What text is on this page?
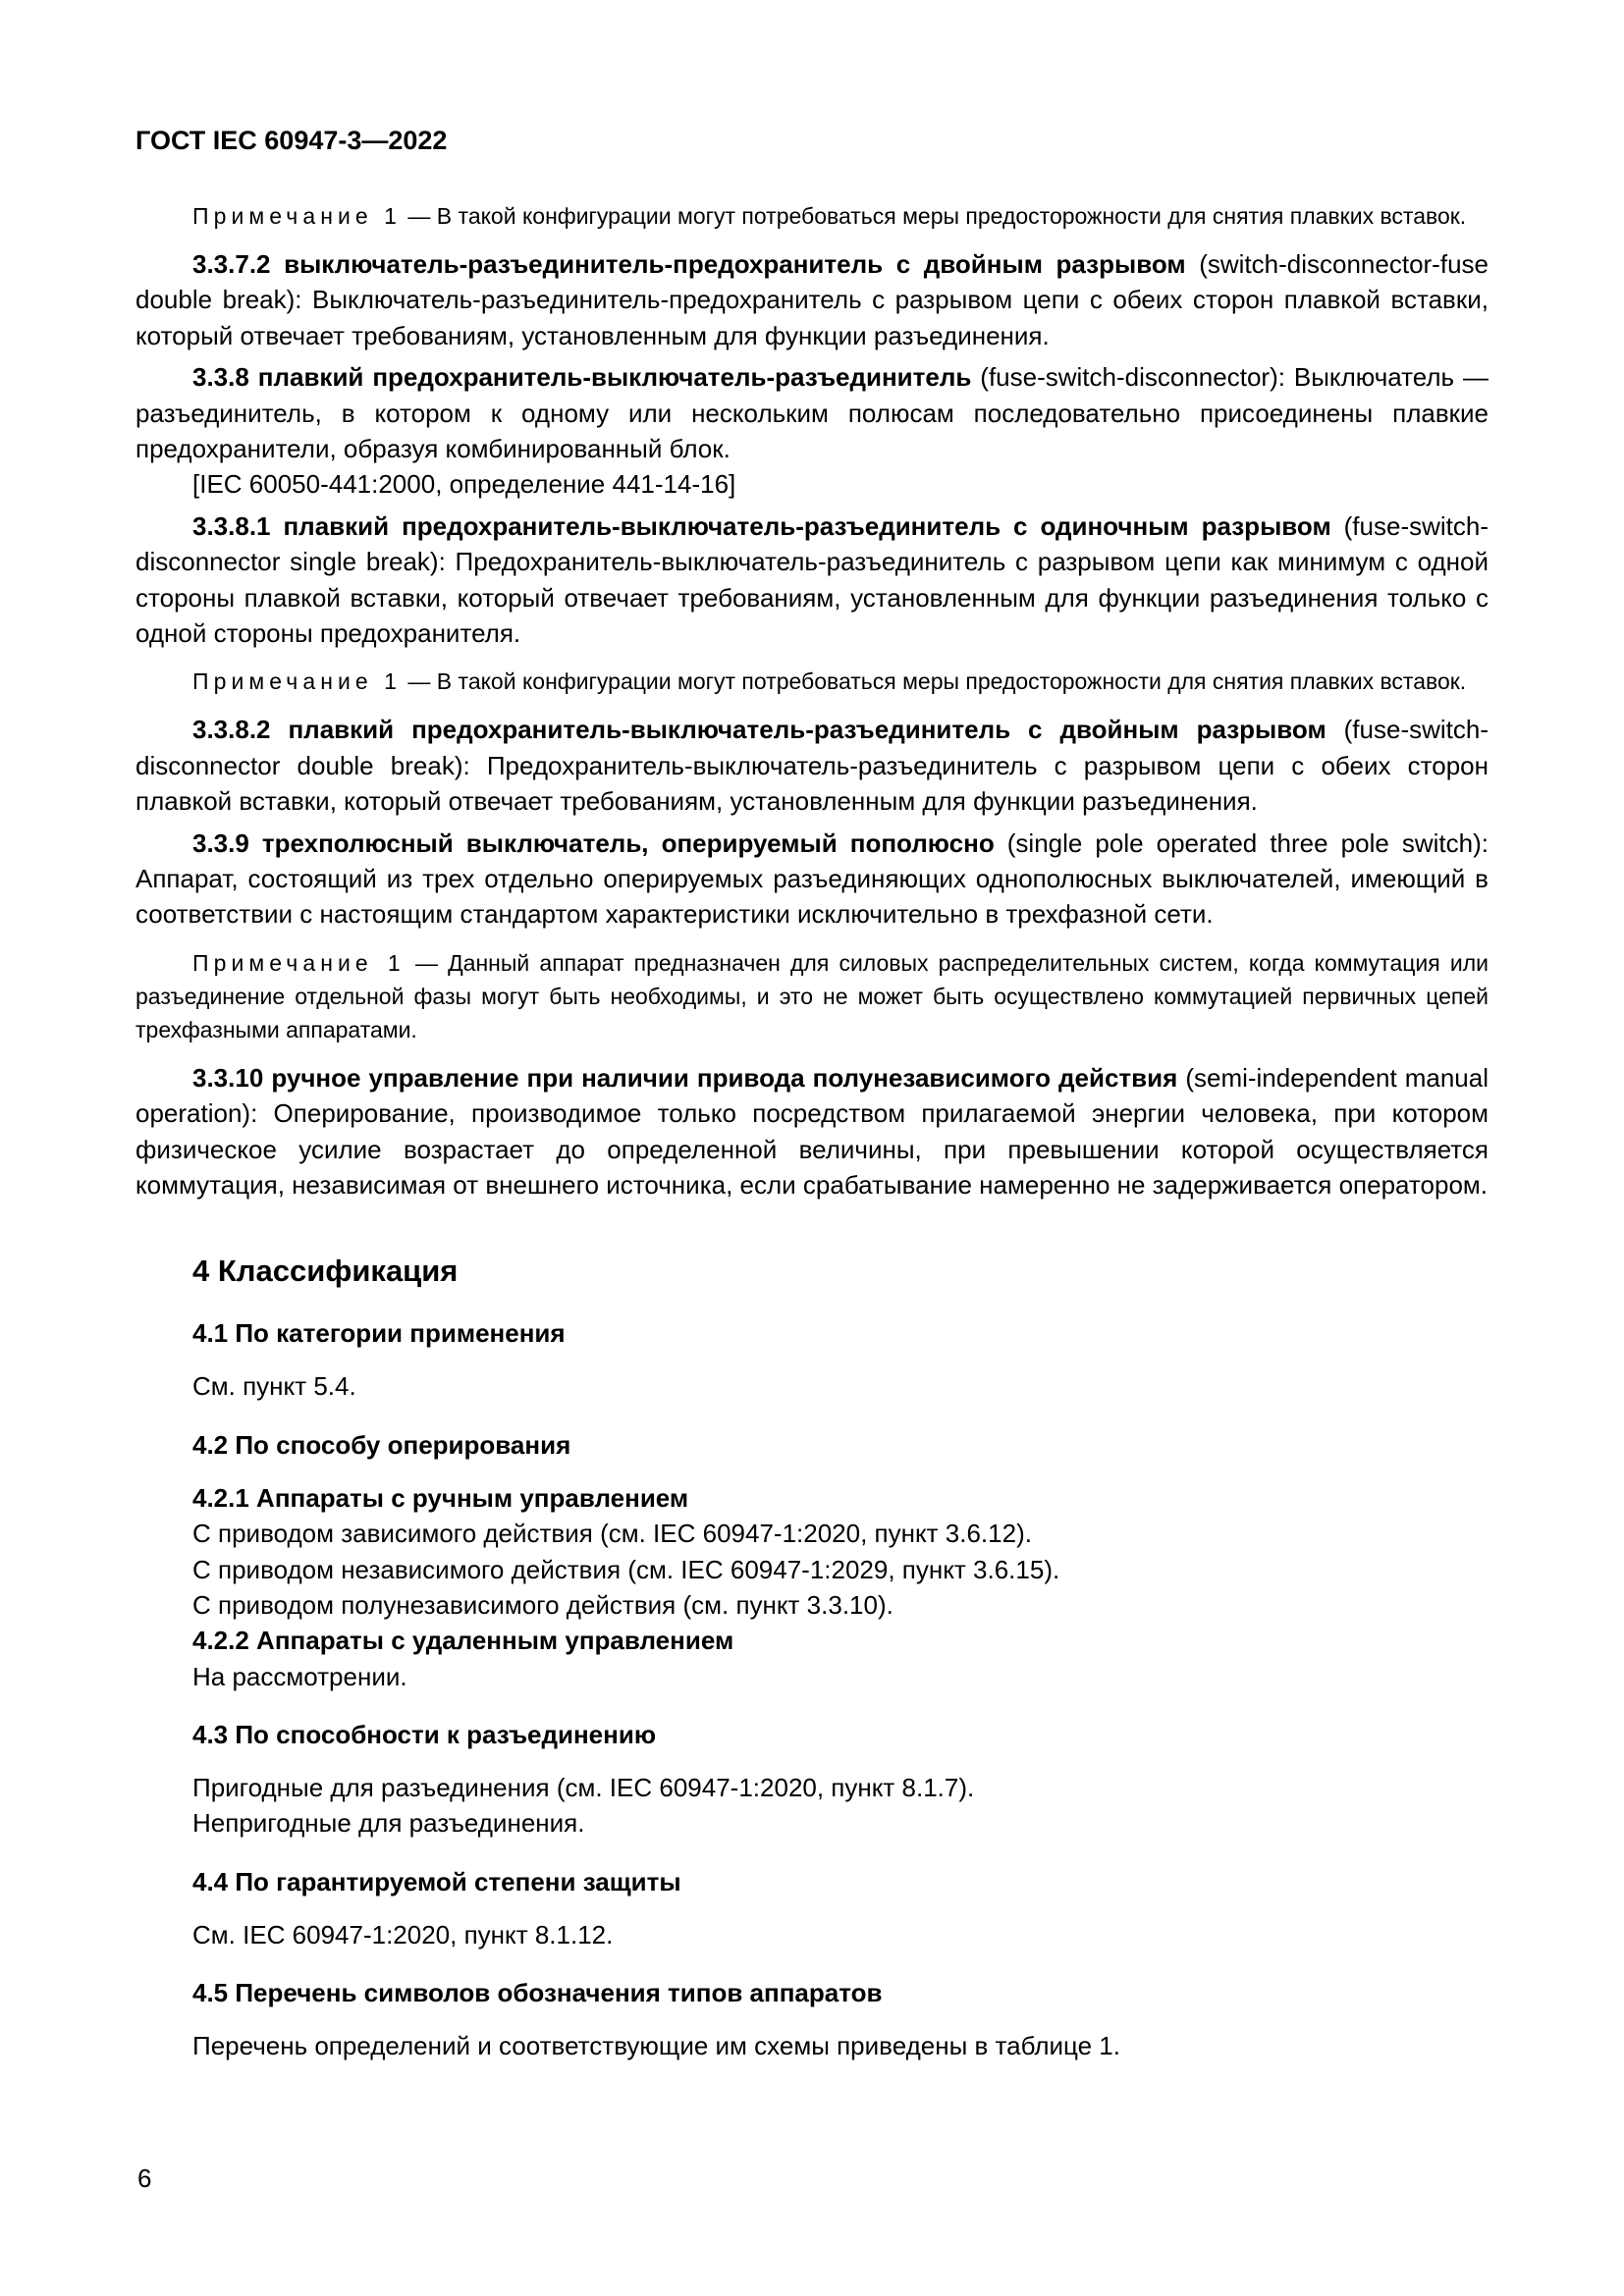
ГОСТ IEC 60947-3—2022

Примечание 1 — В такой конфигурации могут потребоваться меры предосторожности для снятия плавких вставок.

3.3.7.2 выключатель-разъединитель-предохранитель с двойным разрывом (switch-disconnector-fuse double break): Выключатель-разъединитель-предохранитель с разрывом цепи с обеих сторон плавкой вставки, который отвечает требованиям, установленным для функции разъединения.

3.3.8 плавкий предохранитель-выключатель-разъединитель (fuse-switch-disconnector): Выключатель — разъединитель, в котором к одному или нескольким полюсам последовательно присоединены плавкие предохранители, образуя комбинированный блок.

[IEC 60050-441:2000, определение 441-14-16]

3.3.8.1 плавкий предохранитель-выключатель-разъединитель с одиночным разрывом (fuse-switch-disconnector single break): Предохранитель-выключатель-разъединитель с разрывом цепи как минимум с одной стороны плавкой вставки, который отвечает требованиям, установленным для функции разъединения только с одной стороны предохранителя.

Примечание 1 — В такой конфигурации могут потребоваться меры предосторожности для снятия плавких вставок.

3.3.8.2 плавкий предохранитель-выключатель-разъединитель с двойным разрывом (fuse-switch-disconnector double break): Предохранитель-выключатель-разъединитель с разрывом цепи с обеих сторон плавкой вставки, который отвечает требованиям, установленным для функции разъединения.

3.3.9 трехполюсный выключатель, оперируемый пополюсно (single pole operated three pole switch): Аппарат, состоящий из трех отдельно оперируемых разъединяющих однополюсных выключателей, имеющий в соответствии с настоящим стандартом характеристики исключительно в трехфазной сети.

Примечание 1 — Данный аппарат предназначен для силовых распределительных систем, когда коммутация или разъединение отдельной фазы могут быть необходимы, и это не может быть осуществлено коммутацией первичных цепей трехфазными аппаратами.

3.3.10 ручное управление при наличии привода полунезависимого действия (semi-independent manual operation): Оперирование, производимое только посредством прилагаемой энергии человека, при котором физическое усилие возрастает до определенной величины, при превышении которой осуществляется коммутация, независимая от внешнего источника, если срабатывание намеренно не задерживается оператором.

4 Классификация
4.1 По категории применения

См. пункт 5.4.

4.2 По способу оперирования

4.2.1 Аппараты с ручным управлением

С приводом зависимого действия (см. IEC 60947-1:2020, пункт 3.6.12).

С приводом независимого действия (см. IEC 60947-1:2029, пункт 3.6.15).

С приводом полунезависимого действия (см. пункт 3.3.10).

4.2.2 Аппараты с удаленным управлением

На рассмотрении.

4.3 По способности к разъединению

Пригодные для разъединения (см. IEC 60947-1:2020, пункт 8.1.7).

Непригодные для разъединения.

4.4 По гарантируемой степени защиты

См. IEC 60947-1:2020, пункт 8.1.12.

4.5 Перечень символов обозначения типов аппаратов

Перечень определений и соответствующие им схемы приведены в таблице 1.

6
